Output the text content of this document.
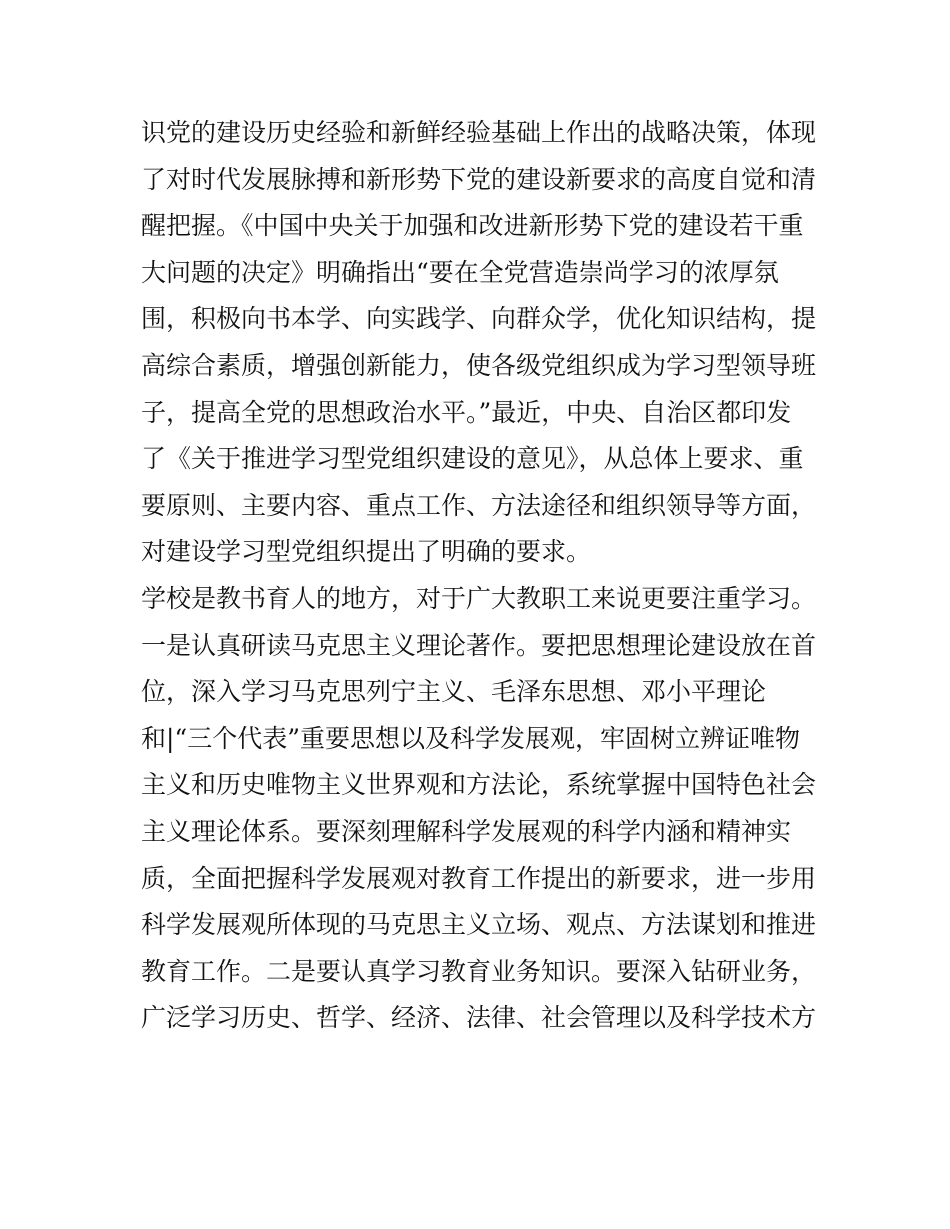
识党的建设历史经验和新鲜经验基础上作出的战略决策，体现
了对时代发展脉搏和新形势下党的建设新要求的高度自觉和清
醒把握。《中国中央关于加强和改进新形势下党的建设若干重
大问题的决定》明确指出“要在全党营造崇尚学习的浓厚氛
围，积极向书本学、向实践学、向群众学，优化知识结构，提
高综合素质，增强创新能力，使各级党组织成为学习型领导班
子，提高全党的思想政治水平。”最近，中央、自治区都印发
了《关于推进学习型党组织建设的意见》，从总体上要求、重
要原则、主要内容、重点工作、方法途径和组织领导等方面，
对建设学习型党组织提出了明确的要求。
学校是教书育人的地方，对于广大教职工来说更要注重学习。
一是认真研读马克思主义理论著作。要把思想理论建设放在首
位，深入学习马克思列宁主义、毛泽东思想、邓小平理论
和|“三个代表”重要思想以及科学发展观，牢固树立辨证唯物
主义和历史唯物主义世界观和方法论，系统掌握中国特色社会
主义理论体系。要深刻理解科学发展观的科学内涵和精神实
质，全面把握科学发展观对教育工作提出的新要求，进一步用
科学发展观所体现的马克思主义立场、观点、方法谋划和推进
教育工作。二是要认真学习教育业务知识。要深入钻研业务，
广泛学习历史、哲学、经济、法律、社会管理以及科学技术方
